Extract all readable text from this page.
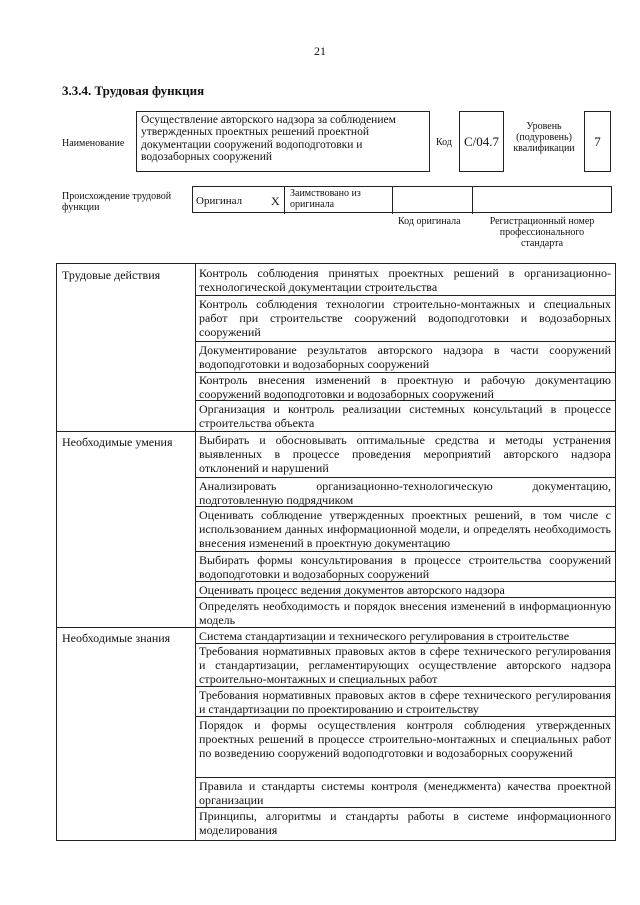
21
3.3.4. Трудовая функция
Наименование
Осуществление авторского надзора за соблюдением утвержденных проектных решений проектной документации сооружений водоподготовки и водозаборных сооружений
Код С/04.7
Уровень (подуровень) квалификации	7
Происхождение трудовой функции
Оригинал X
Заимствовано из оригинала
Код оригинала	Регистрационный номер профессионального стандарта
Трудовые действия
Необходимые умения
Необходимые знания
Контроль соблюдения принятых проектных решений в организационно-технологической документации строительства
Контроль соблюдения технологии строительно-монтажных и специальных работ при строительстве сооружений водоподготовки и водозаборных сооружений
Документирование результатов авторского надзора в части сооружений водоподготовки и водозаборных сооружений
Контроль внесения изменений в проектную и рабочую документацию сооружений водоподготовки и водозаборных сооружений
Организация и контроль реализации системных консультаций в процессе строительства объекта
Выбирать и обосновывать оптимальные средства и методы устранения выявленных в процессе проведения мероприятий авторского надзора отклонений и нарушений
Анализировать организационно-технологическую документацию, подготовленную подрядчиком
Оценивать соблюдение утвержденных проектных решений, в том числе с использованием данных информационной модели, и определять необходимость внесения изменений в проектную документацию
Выбирать формы консультирования в процессе строительства сооружений водоподготовки и водозаборных сооружений
Оценивать процесс ведения документов авторского надзора
Определять необходимость и порядок внесения изменений в информационную модель
Система стандартизации и технического регулирования в строительстве
Требования нормативных правовых актов в сфере технического регулирования и стандартизации, регламентирующих осуществление авторского надзора строительно-монтажных и специальных работ
Требования нормативных правовых актов в сфере технического регулирования и стандартизации по проектированию и строительству
Порядок и формы осуществления контроля соблюдения утвержденных проектных решений в процессе строительно-монтажных и специальных работ по возведению сооружений водоподготовки и водозаборных сооружений
Правила и стандарты системы контроля (менеджмента) качества проектной организации
Принципы, алгоритмы и стандарты работы в системе информационного моделирования
